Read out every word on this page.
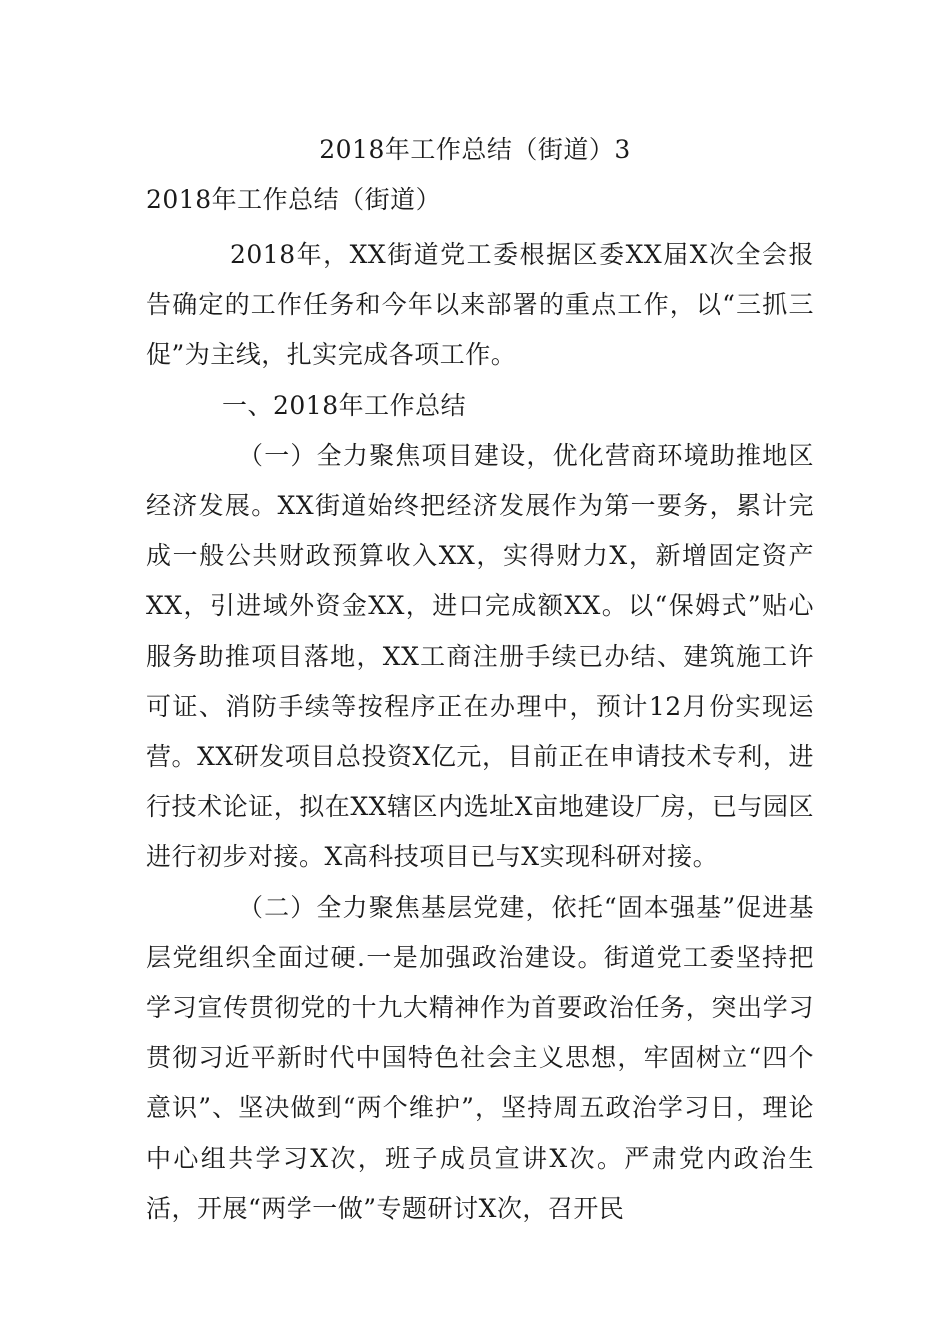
2018年工作总结（街道）3
2018年工作总结（街道）

2018年，XX街道党工委根据区委XX届X次全会报告确定的工作任务和今年以来部署的重点工作，以“三抓三促”为主线，扎实完成各项工作。

一、2018年工作总结

（一）全力聚焦项目建设，优化营商环境助推地区经济发展。XX街道始终把经济发展作为第一要务，累计完成一般公共财政预算收入XX，实得财力X，新增固定资产XX，引进域外资金XX，进口完成额XX。以“保姆式”贴心服务助推项目落地，XX工商注册手续已办结、建筑施工许可证、消防手续等按程序正在办理中，预计12月份实现运营。XX研发项目总投资X亿元，目前正在申请技术专利，进行技术论证，拟在XX辖区内选址X亩地建设厂房，已与园区进行初步对接。X高科技项目已与X实现科研对接。

（二）全力聚焦基层党建，依托“固本强基”促进基层党组织全面过硬.一是加强政治建设。街道党工委坚持把学习宣传贯彻党的十九大精神作为首要政治任务，突出学习贯彻习近平新时代中国特色社会主义思想，牢固树立“四个意识”、坚决做到“两个维护”，坚持周五政治学习日，理论中心组共学习X次，班子成员宣讲X次。严肃党内政治生活，开展“两学一做”专题研讨X次，召开民
